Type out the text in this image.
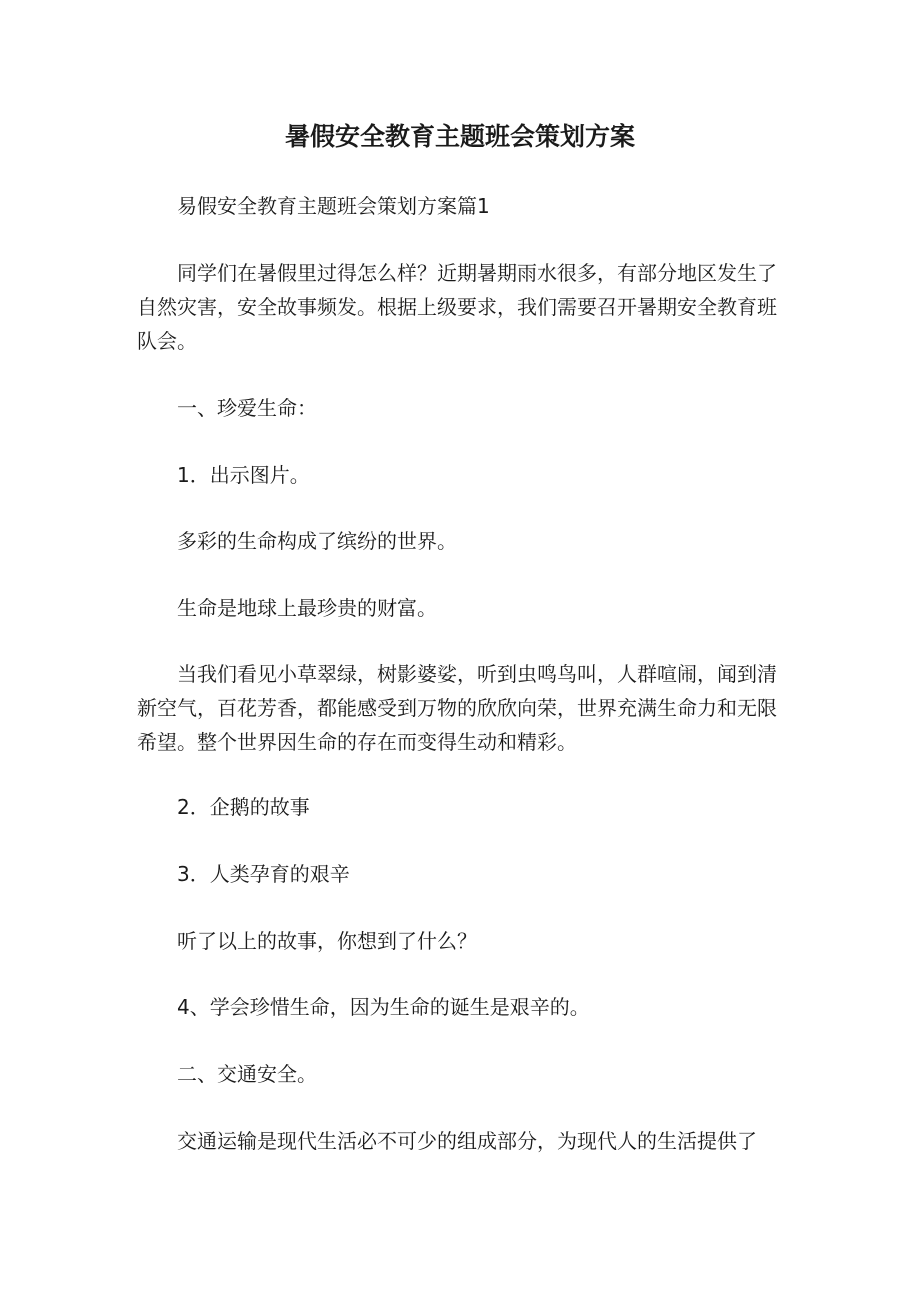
暑假安全教育主题班会策划方案

易假安全教育主题班会策划方案篇1

同学们在暑假里过得怎么样？近期暑期雨水很多，有部分地区发生了

自然灾害，安全故事频发。根据上级要求，我们需要召开暑期安全教育班

队会。

一、珍爱生命：

1．出示图片。

多彩的生命构成了缤纷的世界。

生命是地球上最珍贵的财富。

当我们看见小草翠绿，树影婆娑，听到虫鸣鸟叫，人群喧闹，闻到清

新空气，百花芳香，都能感受到万物的欣欣向荣，世界充满生命力和无限

希望。整个世界因生命的存在而变得生动和精彩。

2．企鹅的故事

3．人类孕育的艰辛

听了以上的故事，你想到了什么？

4、学会珍惜生命，因为生命的诞生是艰辛的。

二、交通安全。

交通运输是现代生活必不可少的组成部分，为现代人的生活提供了
